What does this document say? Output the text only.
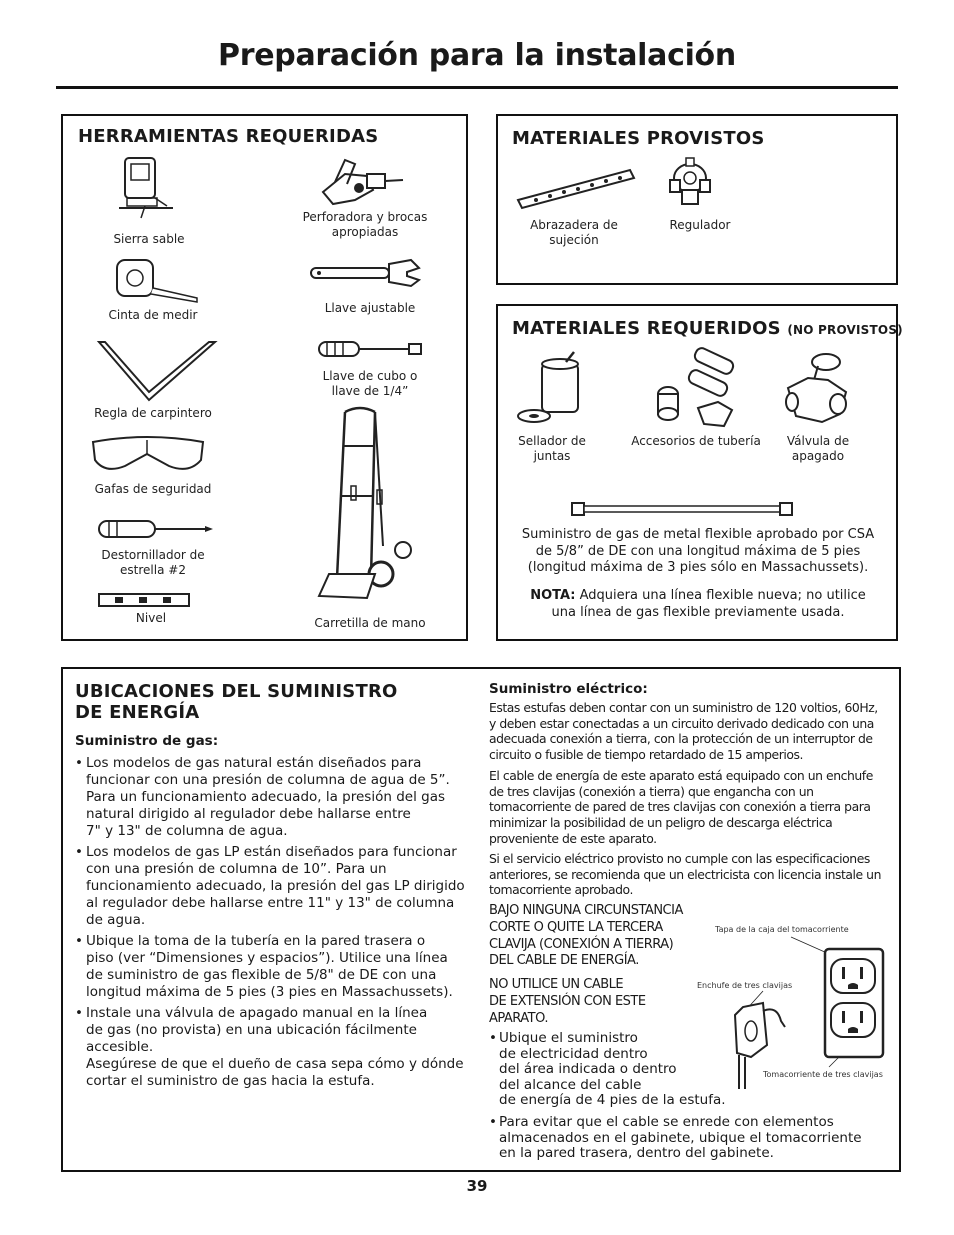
Preparación para la instalación
HERRAMIENTAS REQUERIDAS
Sierra sable
Perforadora y brocas apropiadas
Cinta de medir	Llave ajustable
Regla de carpintero
Llave de cubo o llave de 1/4”
Gafas de seguridad
Destornillador de estrella #2
Nivel	Carretilla de mano
MATERIALES PROVISTOS
Abrazadera de sujeción
Regulador
MATERIALES REQUERIDOS (NO PROVISTOS)
Sellador de juntas
Accesorios de tubería	Válvula de apagado
Suministro de gas de metal flexible aprobado por CSA de 5/8” de DE con una longitud máxima de 5 pies (longitud máxima de 3 pies sólo en Massachussets).
NOTA: Adquiera una línea flexible nueva; no utilice una línea de gas flexible previamente usada.
UBICACIONES DEL SUMINISTRO
DE ENERGÍA
Suministro de gas:
• Los modelos de gas natural están diseñados para
funcionar con una presión de columna de agua de 5”.
Para un funcionamiento adecuado, la presión del gas
natural dirigido al regulador debe hallarse entre
7" y 13" de columna de agua.
• Los modelos de gas LP están diseñados para funcionar
con una presión de columna de 10”. Para un
funcionamiento adecuado, la presión del gas LP dirigido
al regulador debe hallarse entre 11" y 13" de columna
de agua.
• Ubique la toma de la tubería en la pared trasera o
piso (ver “Dimensiones y espacios”). Utilice una línea
de suministro de gas flexible de 5/8" de DE con una
longitud máxima de 5 pies (3 pies en Massachussets).
• Instale una válvula de apagado manual en la línea
de gas (no provista) en una ubicación fácilmente accesible.
Asegúrese de que el dueño de casa sepa cómo y dónde
cortar el suministro de gas hacia la estufa.
Suministro eléctrico:
Estas estufas deben contar con un suministro de 120 voltios, 60Hz, y deben estar conectadas a un circuito derivado dedicado con una adecuada conexión a tierra, con la protección de un interruptor de circuito o fusible de tiempo retardado de 15 amperios.
El cable de energía de este aparato está equipado con un enchufe de tres clavijas (conexión a tierra) que engancha con un tomacorriente de pared de tres clavijas con conexión a tierra para minimizar la posibilidad de un peligro de descarga eléctrica proveniente de este aparato.
Si el servicio eléctrico provisto no cumple con las especificaciones anteriores, se recomienda que un electricista con licencia instale un tomacorriente aprobado.
BAJO NINGUNA CIRCUNSTANCIA
CORTE O QUITE LA TERCERA
CLAVIJA (CONEXIÓN A TIERRA)
DEL CABLE DE ENERGÍA.
NO UTILICE UN CABLE
DE EXTENSIÓN CON ESTE
APARATO.
• Ubique el suministro
de electricidad dentro
del área indicada o dentro
del alcance del cable
de energía de 4 pies de la estufa.
• Para evitar que el cable se enrede con elementos
almacenados en el gabinete, ubique el tomacorriente
en la pared trasera, dentro del gabinete.
Tapa de la caja del tomacorriente
Enchufe de tres clavijas
Tomacorriente de tres clavijas
39
